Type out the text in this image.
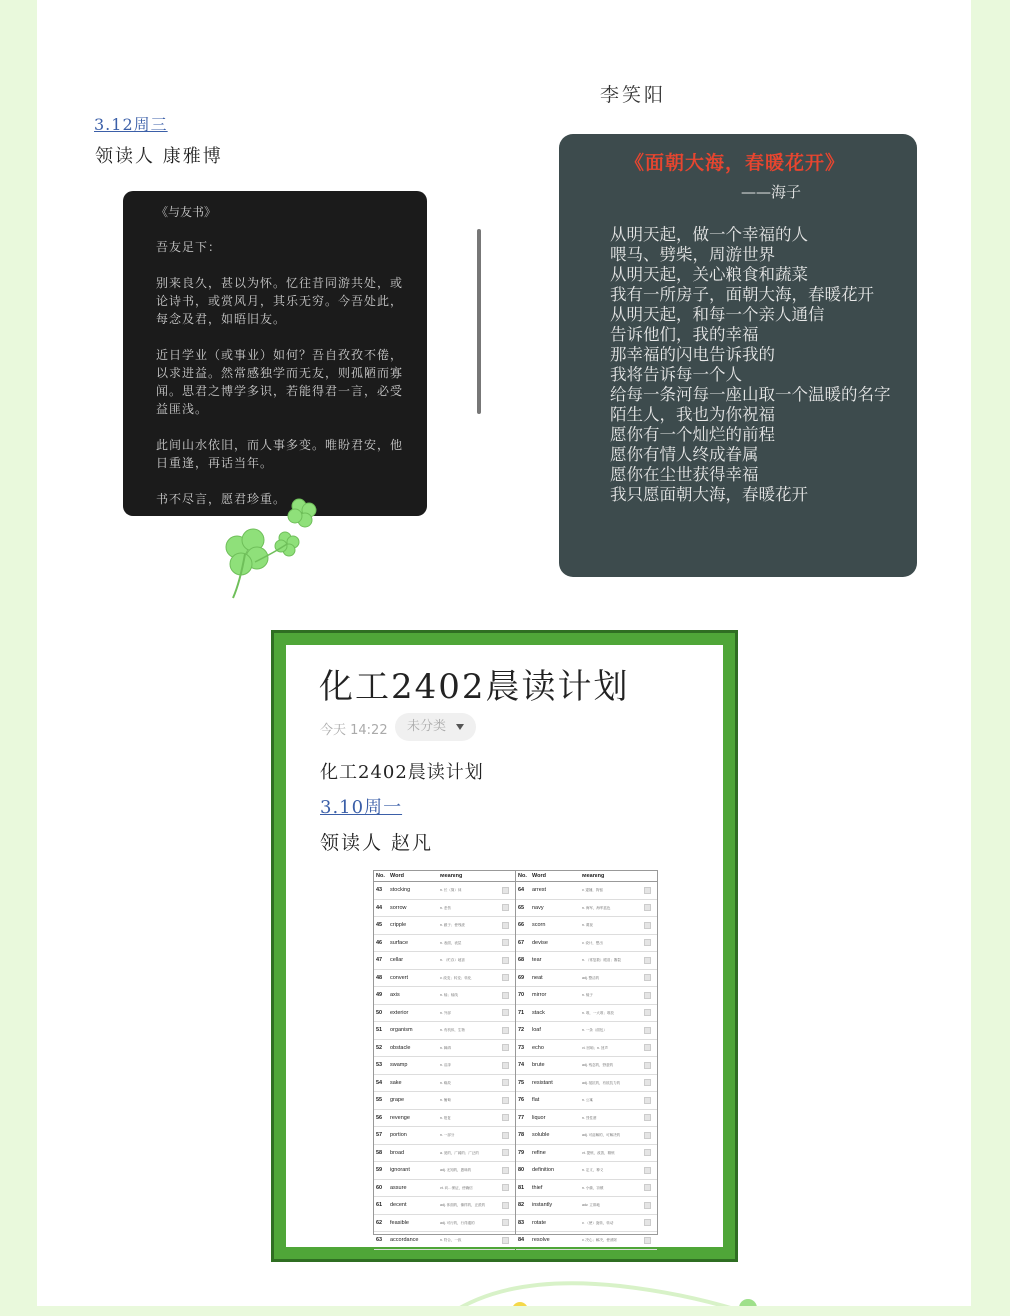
3.12周三
领读人 康雅博
李笑阳
《与友书》

吾友足下：

别来良久，甚以为怀。忆往昔同游共处，或论诗书，或赏风月，其乐无穷。今吾处此，每念及君，如晤旧友。

近日学业（或事业）如何？吾自孜孜不倦，以求进益。然常感独学而无友，则孤陋而寡闻。思君之博学多识，若能得君一言，必受益匪浅。

此间山水依旧，而人事多变。唯盼君安，他日重逢，再话当年。

书不尽言，愿君珍重。

《面朝大海，春暖花开》
——海子
从明天起，做一个幸福的人
喂马、劈柴，周游世界
从明天起，关心粮食和蔬菜
我有一所房子，面朝大海，春暖花开
从明天起，和每一个亲人通信
告诉他们，我的幸福
那幸福的闪电告诉我的
我将告诉每一个人
给每一条河每一座山取一个温暖的名字
陌生人，我也为你祝福
愿你有一个灿烂的前程
愿你有情人终成眷属
愿你在尘世获得幸福
我只愿面朝大海，春暖花开
化工2402晨读计划
今天 14:22	未分类
化工2402晨读计划
3.10周一
领读人 赵凡
No. Word	Meaning
43	stocking	n. 长（筒）袜
44	sorrow	n. 悲伤
45	cripple	n. 跛子；使残废
46	surface	n. 表面，表层
47	cellar	n. （贮存）地窖
48	convert	v. 改变；转变；转化
49	axis	n. 轴；轴线
50	exterior	n. 外部
51	organism	n. 有机体，生物
52	obstacle	n. 障碍
53	swamp	n. 沼泽
54	sake	n. 缘故
55	grape	n. 葡萄
56	revenge	n. 报复
57	portion	n. 一部分
58	broad	a. 宽的，广阔的；广泛的
59	ignorant	adj. 无知的，愚昧的
60	assure	vt. 向…保证，使确信
61	decent	adj. 体面的，像样的，正派的
62	feasible	adj. 可行的，行得通的
63	accordance	n. 符合，一致
No. Word	Meaning
64	arrest	v. 逮捕，拘留
65	navy	n. 海军，海军蓝色
66	scorn	n. 蔑视
67	devise	v. 设计，想出
68	tear	n. （常复数）眼泪；撕裂
69	neat	adj. 整洁的
70	mirror	n. 镜子
71	stack	n. 堆，一大堆；堆放
72	loaf	n. 一条（面包）
73	echo	vi. 回响；n. 回声
74	brute	adj. 残忍的，野蛮的
75	resistant	adj. 抵抗的，有抵抗力的
76	flat	n. 公寓
77	liquor	n. 烈性酒
78	soluble	adj. 可溶解的，可解决的
79	refine	vt. 提炼，改善，精炼
80	definition	n. 定义，释义
81	thief	n. 小偷，窃贼
82	instantly	adv. 立即地
83	rotate	v. （使）旋转，转动
84	resolve	v. 决心；解决，使消除
